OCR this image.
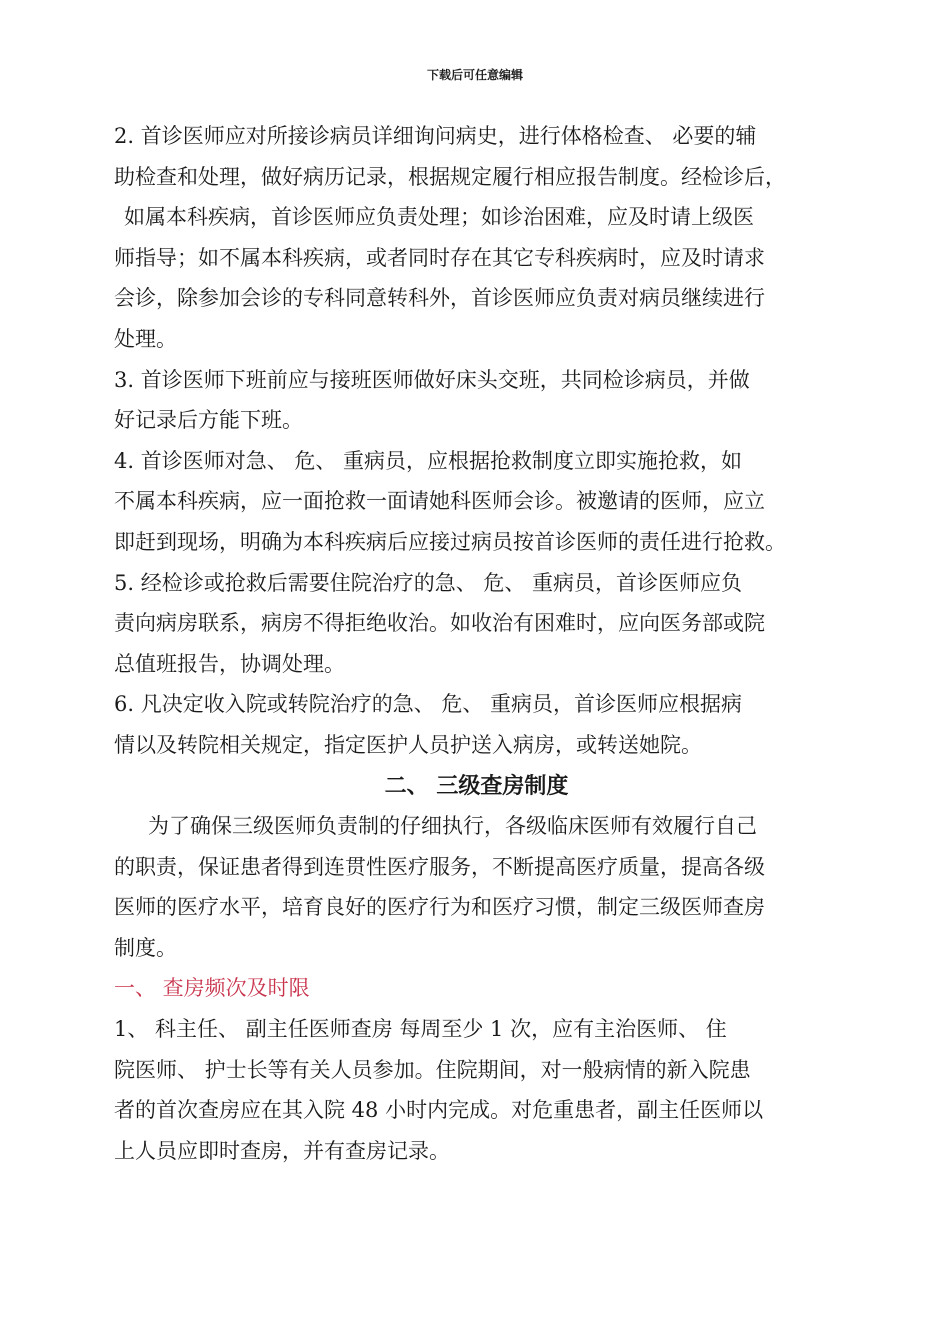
下载后可任意编辑

2. 首诊医师应对所接诊病员详细询问病史，进行体格检查、 必要的辅
助检查和处理，做好病历记录，根据规定履行相应报告制度。经检诊后，
如属本科疾病，首诊医师应负责处理；如诊治困难，应及时请上级医
师指导；如不属本科疾病，或者同时存在其它专科疾病时，应及时请求
会诊，除参加会诊的专科同意转科外，首诊医师应负责对病员继续进行
处理。

3. 首诊医师下班前应与接班医师做好床头交班，共同检诊病员，并做
好记录后方能下班。

4. 首诊医师对急、 危、 重病员，应根据抢救制度立即实施抢救，如
不属本科疾病，应一面抢救一面请她科医师会诊。被邀请的医师，应立
即赶到现场，明确为本科疾病后应接过病员按首诊医师的责任进行抢救。

5. 经检诊或抢救后需要住院治疗的急、 危、 重病员，首诊医师应负
责向病房联系，病房不得拒绝收治。如收治有困难时，应向医务部或院
总值班报告，协调处理。

6. 凡决定收入院或转院治疗的急、 危、 重病员，首诊医师应根据病
情以及转院相关规定，指定医护人员护送入病房，或转送她院。

二、 三级查房制度

为了确保三级医师负责制的仔细执行，各级临床医师有效履行自己
的职责，保证患者得到连贯性医疗服务，不断提高医疗质量，提高各级
医师的医疗水平，培育良好的医疗行为和医疗习惯，制定三级医师查房
制度。

一、 查房频次及时限

1、 科主任、 副主任医师查房 每周至少 1 次，应有主治医师、 住
院医师、 护士长等有关人员参加。住院期间，对一般病情的新入院患
者的首次查房应在其入院 48 小时内完成。对危重患者，副主任医师以
上人员应即时查房，并有查房记录。
